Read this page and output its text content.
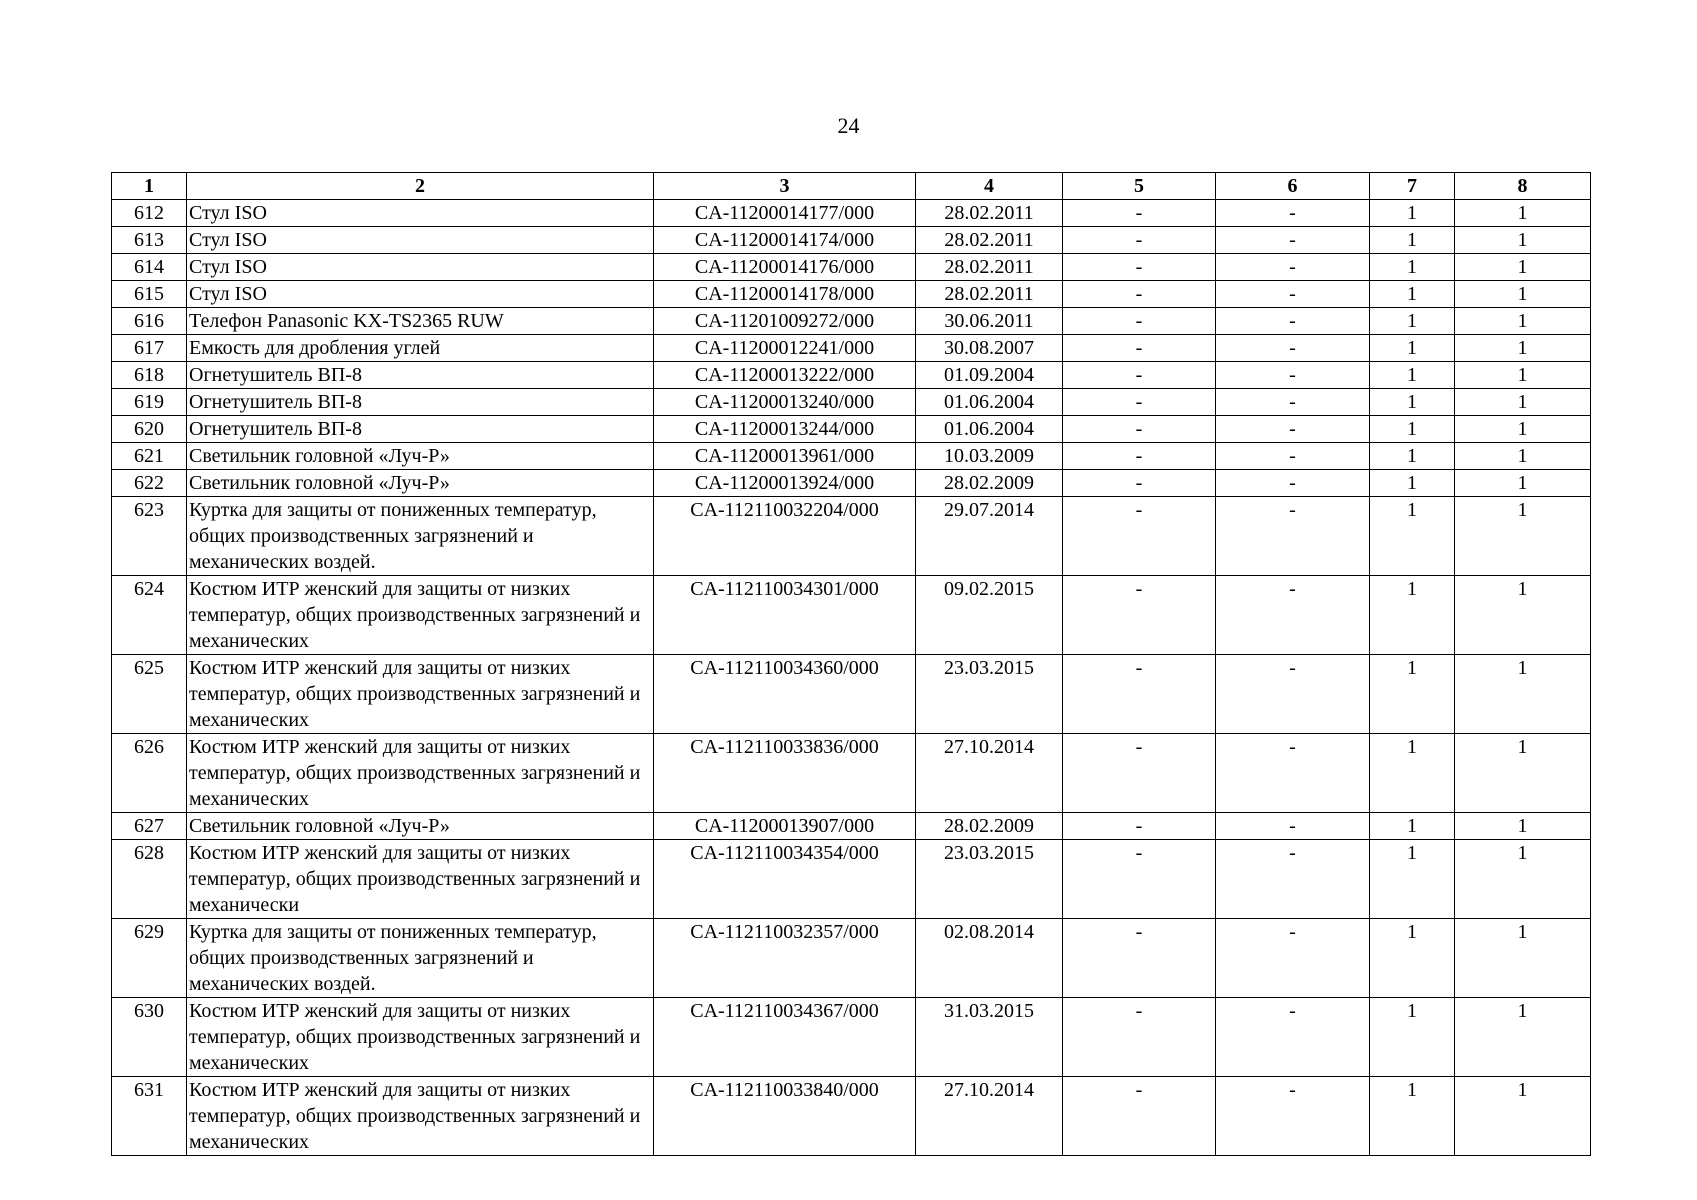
24
1	2	3	4	5	6	7	8
612	Стул ISO	CA-11200014177/000	28.02.2011	-	-	1	1
613	Стул ISO	CA-11200014174/000	28.02.2011	-	-	1	1
614	Стул ISO	CA-11200014176/000	28.02.2011	-	-	1	1
615	Стул ISO	CA-11200014178/000	28.02.2011	-	-	1	1
616	Телефон Panasonic KX-TS2365 RUW	CA-11201009272/000	30.06.2011	-	-	1	1
617	Емкость для дробления углей	CA-11200012241/000	30.08.2007	-	-	1	1
618	Огнетушитель ВП-8	CA-11200013222/000	01.09.2004	-	-	1	1
619	Огнетушитель ВП-8	CA-11200013240/000	01.06.2004	-	-	1	1
620	Огнетушитель ВП-8	CA-11200013244/000	01.06.2004	-	-	1	1
621	Светильник головной «Луч-Р»	CA-11200013961/000	10.03.2009	-	-	1	1
622	Светильник головной «Луч-Р»	CA-11200013924/000	28.02.2009	-	-	1	1
623	Куртка для защиты от пониженных температур, общих производственных загрязнений и механических воздей.	CA-112110032204/000	29.07.2014	-	-	1	1
624	Костюм ИТР женский для защиты от низких температур, общих производственных загрязнений и механических	CA-112110034301/000	09.02.2015	-	-	1	1
625	Костюм ИТР женский для защиты от низких температур, общих производственных загрязнений и механических	CA-112110034360/000	23.03.2015	-	-	1	1
626	Костюм ИТР женский для защиты от низких температур, общих производственных загрязнений и механических	CA-112110033836/000	27.10.2014	-	-	1	1
627	Светильник головной «Луч-Р»	CA-11200013907/000	28.02.2009	-	-	1	1
628	Костюм ИТР женский для защиты от низких температур, общих производственных загрязнений и механически	CA-112110034354/000	23.03.2015	-	-	1	1
629	Куртка для защиты от пониженных температур, общих производственных загрязнений и механических воздей.	CA-112110032357/000	02.08.2014	-	-	1	1
630	Костюм ИТР женский для защиты от низких температур, общих производственных загрязнений и механических	CA-112110034367/000	31.03.2015	-	-	1	1
631	Костюм ИТР женский для защиты от низких температур, общих производственных загрязнений и механических	CA-112110033840/000	27.10.2014	-	-	1	1
